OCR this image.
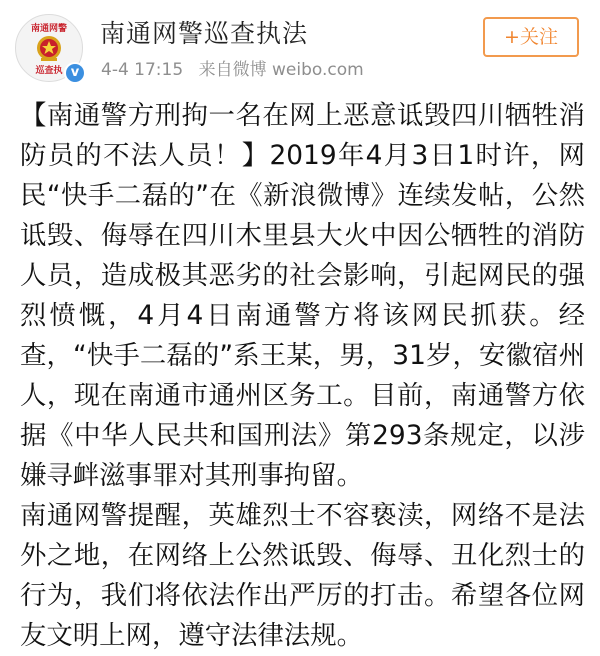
南通网警
巡查执 v
南通网警巡查执法
4-4 17:15 来自微博 weibo.com
+关注

【南通警方刑拘一名在网上恶意诋毁四川牺牲消防员的不法人员！】2019年4月3日1时许，网民“快手二磊的”在《新浪微博》连续发帖，公然诋毁、侮辱在四川木里县大火中因公牺牲的消防人员，造成极其恶劣的社会影响，引起网民的强烈愤慨，4月4日南通警方将该网民抓获。经查，“快手二磊的”系王某，男，31岁，安徽宿州人，现在南通市通州区务工。目前，南通警方依据《中华人民共和国刑法》第293条规定，以涉嫌寻衅滋事罪对其刑事拘留。

南通网警提醒，英雄烈士不容亵渎，网络不是法外之地，在网络上公然诋毁、侮辱、丑化烈士的行为，我们将依法作出严厉的打击。希望各位网友文明上网，遵守法律法规。
